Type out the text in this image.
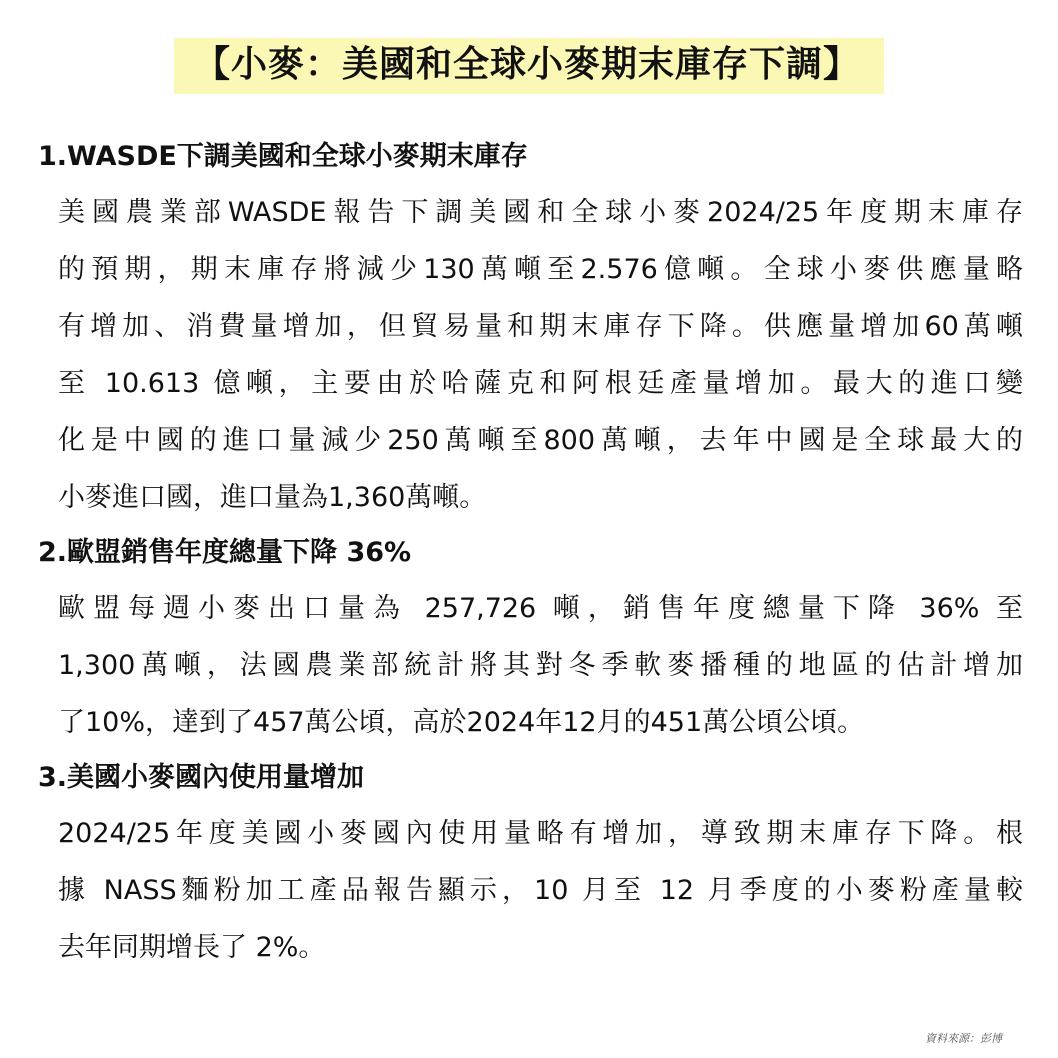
【小麥：美國和全球小麥期末庫存下調】
1.WASDE下調美國和全球小麥期末庫存
美國農業部WASDE報告下調美國和全球小麥2024/25年度期末庫存
的預期，期末庫存將減少130萬噸至2.576億噸。全球小麥供應量略
有增加、消費量增加，但貿易量和期末庫存下降。供應量增加60萬噸
至 10.613 億噸，主要由於哈薩克和阿根廷產量增加。最大的進口變
化是中國的進口量減少250萬噸至800萬噸，去年中國是全球最大的
小麥進口國，進口量為1,360萬噸。
2.歐盟銷售年度總量下降 36%
歐盟每週小麥出口量為 257,726 噸，銷售年度總量下降 36% 至
1,300萬噸，法國農業部統計將其對冬季軟麥播種的地區的估計增加
了10%，達到了457萬公頃，高於2024年12月的451萬公頃公頃。
3.美國小麥國內使用量增加
2024/25年度美國小麥國內使用量略有增加，導致期末庫存下降。根
據 NASS麵粉加工產品報告顯示，10 月至 12 月季度的小麥粉產量較
去年同期增長了 2%。
資料來源：彭博
